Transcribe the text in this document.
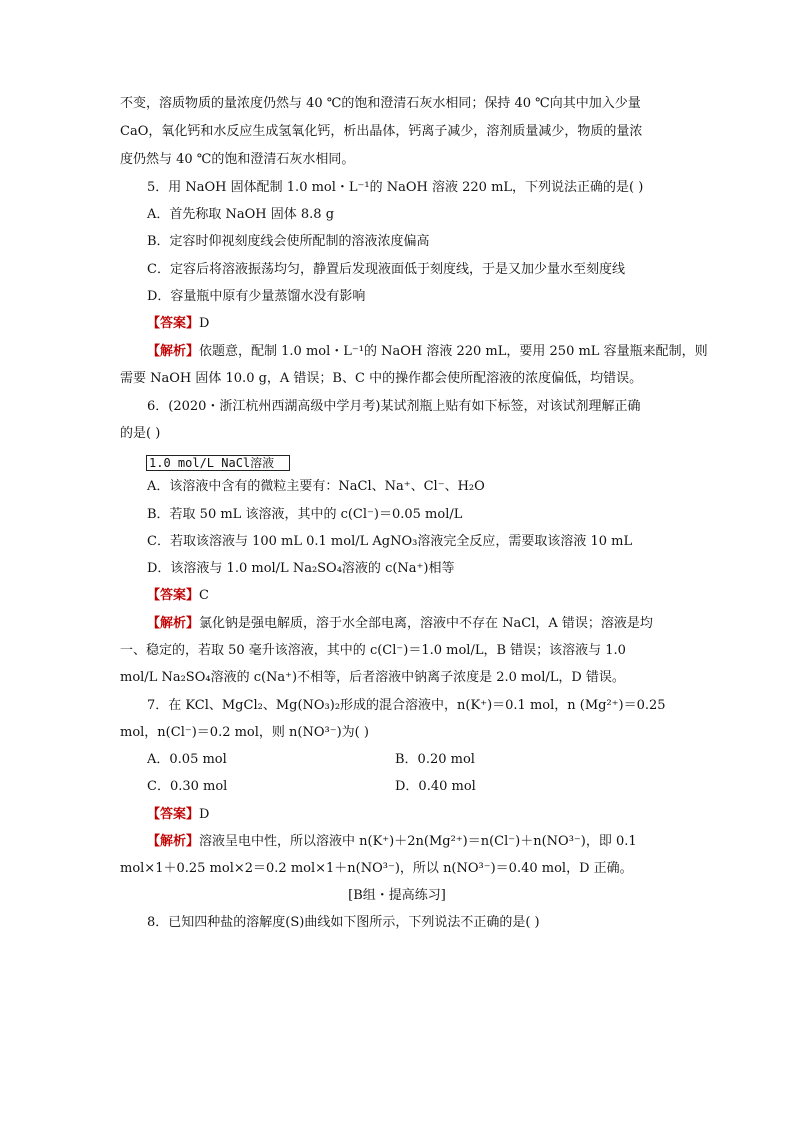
不变，溶质物质的量浓度仍然与 40 ℃的饱和澄清石灰水相同；保持 40 ℃向其中加入少量
CaO，氧化钙和水反应生成氢氧化钙，析出晶体，钙离子减少，溶剂质量减少，物质的量浓
度仍然与 40 ℃的饱和澄清石灰水相同。
5．用 NaOH 固体配制 1.0 mol・L⁻¹的 NaOH 溶液 220 mL，下列说法正确的是( )
A．首先称取 NaOH 固体 8.8 g
B．定容时仰视刻度线会使所配制的溶液浓度偏高
C．定容后将溶液振荡均匀，静置后发现液面低于刻度线，于是又加少量水至刻度线
D．容量瓶中原有少量蒸馏水没有影响
【答案】D
【解析】依题意，配制 1.0 mol・L⁻¹的 NaOH 溶液 220 mL，要用 250 mL 容量瓶来配制，则
需要 NaOH 固体 10.0 g，A 错误；B、C 中的操作都会使所配溶液的浓度偏低，均错误。
6．(2020・浙江杭州西湖高级中学月考)某试剂瓶上贴有如下标签，对该试剂理解正确
的是( )
1.0 mol/L NaCl溶液
A．该溶液中含有的微粒主要有：NaCl、Na⁺、Cl⁻、H₂O
B．若取 50 mL 该溶液，其中的 c(Cl⁻)＝0.05 mol/L
C．若取该溶液与 100 mL 0.1 mol/L AgNO₃溶液完全反应，需要取该溶液 10 mL
D．该溶液与 1.0 mol/L Na₂SO₄溶液的 c(Na⁺)相等
【答案】C
【解析】氯化钠是强电解质，溶于水全部电离，溶液中不存在 NaCl，A 错误；溶液是均
一、稳定的，若取 50 毫升该溶液，其中的 c(Cl⁻)＝1.0 mol/L，B 错误；该溶液与 1.0
mol/L Na₂SO₄溶液的 c(Na⁺)不相等，后者溶液中钠离子浓度是 2.0 mol/L，D 错误。
7．在 KCl、MgCl₂、Mg(NO₃)₂形成的混合溶液中，n(K⁺)＝0.1 mol，n (Mg²⁺)＝0.25
mol，n(Cl⁻)＝0.2 mol，则 n(NO³⁻)为( )
A．0.05 mol	B．0.20 mol
C．0.30 mol	D．0.40 mol
【答案】D
【解析】溶液呈电中性，所以溶液中 n(K⁺)＋2n(Mg²⁺)＝n(Cl⁻)＋n(NO³⁻)，即 0.1
mol×1＋0.25 mol×2＝0.2 mol×1＋n(NO³⁻)，所以 n(NO³⁻)＝0.40 mol，D 正确。
[B组・提高练习]
8．已知四种盐的溶解度(S)曲线如下图所示，下列说法不正确的是( )
